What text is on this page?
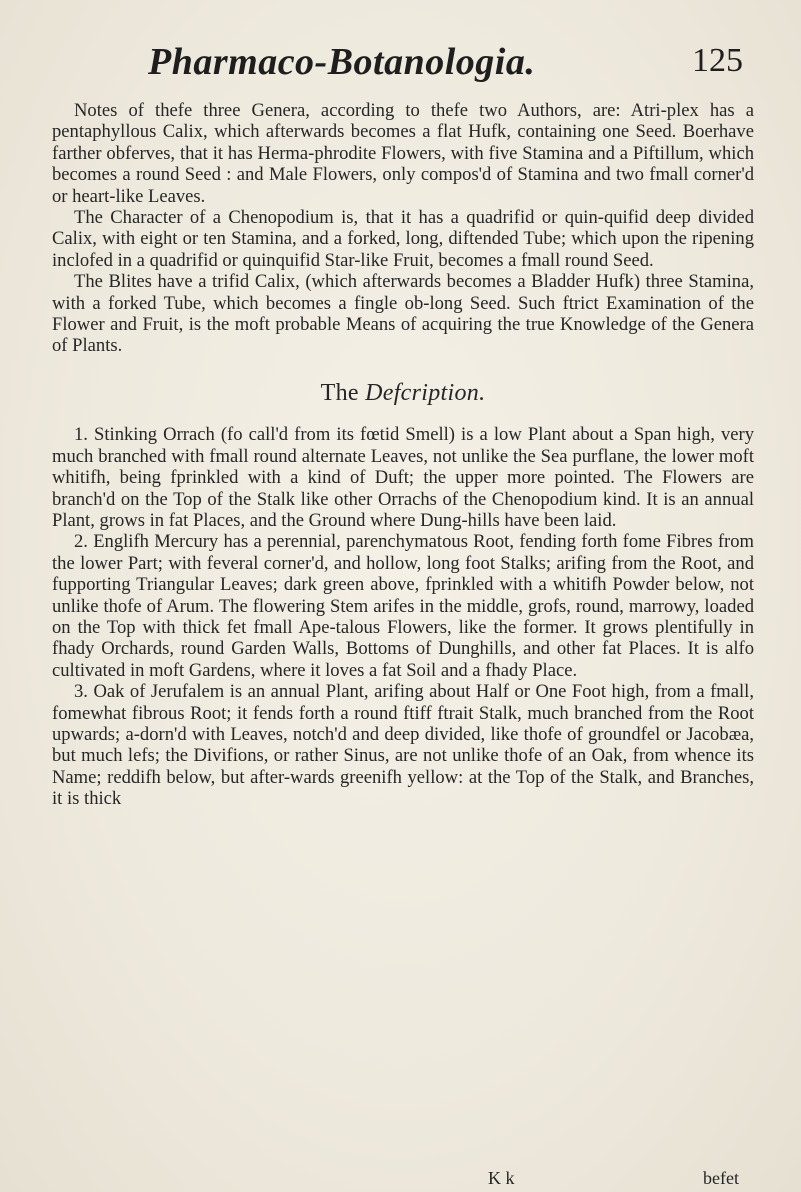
Pharmaco-Botanologia.	125

Notes of thefe three Genera, according to thefe two Authors, are: Atri-plex has a pentaphyllous Calix, which afterwards becomes a flat Hufk, containing one Seed. Boerhave farther obferves, that it has Herma-phrodite Flowers, with five Stamina and a Piftillum, which becomes a round Seed : and Male Flowers, only compos'd of Stamina and two fmall corner'd or heart-like Leaves.

The Character of a Chenopodium is, that it has a quadrifid or quin-quifid deep divided Calix, with eight or ten Stamina, and a forked, long, diftended Tube; which upon the ripening inclofed in a quadrifid or quinquifid Star-like Fruit, becomes a fmall round Seed.

The Blites have a trifid Calix, (which afterwards becomes a Bladder Hufk) three Stamina, with a forked Tube, which becomes a fingle ob-long Seed. Such ftrict Examination of the Flower and Fruit, is the moft probable Means of acquiring the true Knowledge of the Genera of Plants.

The Defcription.

1. Stinking Orrach (fo call'd from its fœtid Smell) is a low Plant about a Span high, very much branched with fmall round alternate Leaves, not unlike the Sea purflane, the lower moft whitifh, being fprinkled with a kind of Duft; the upper more pointed. The Flowers are branch'd on the Top of the Stalk like other Orrachs of the Chenopodium kind. It is an annual Plant, grows in fat Places, and the Ground where Dung-hills have been laid.

2. Englifh Mercury has a perennial, parenchymatous Root, fending forth fome Fibres from the lower Part; with feveral corner'd, and hollow, long foot Stalks; arifing from the Root, and fupporting Triangular Leaves; dark green above, fprinkled with a whitifh Powder below, not unlike thofe of Arum. The flowering Stem arifes in the middle, grofs, round, marrowy, loaded on the Top with thick fet fmall Ape-talous Flowers, like the former. It grows plentifully in fhady Orchards, round Garden Walls, Bottoms of Dunghills, and other fat Places. It is alfo cultivated in moft Gardens, where it loves a fat Soil and a fhady Place.

3. Oak of Jerufalem is an annual Plant, arifing about Half or One Foot high, from a fmall, fomewhat fibrous Root; it fends forth a round ftiff ftrait Stalk, much branched from the Root upwards; a-dorn'd with Leaves, notch'd and deep divided, like thofe of groundfel or Jacobæa, but much lefs; the Divifions, or rather Sinus, are not unlike thofe of an Oak, from whence its Name; reddifh below, but after-wards greenifh yellow: at the Top of the Stalk, and Branches, it is thick

K k	befet
